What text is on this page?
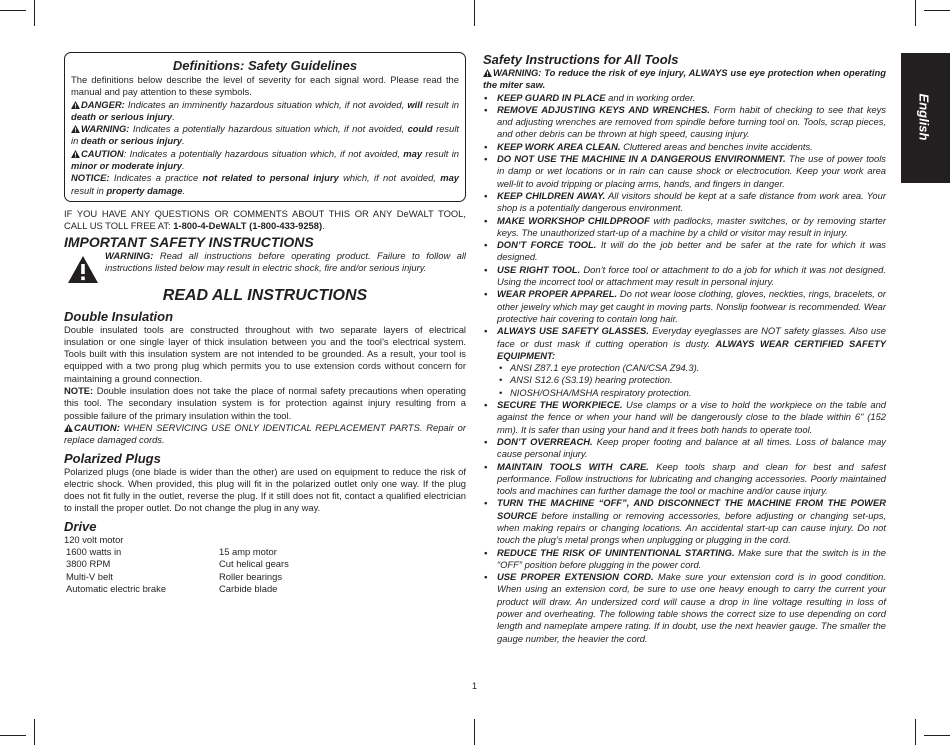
Definitions: Safety Guidelines
The definitions below describe the level of severity for each signal word. Please read the manual and pay attention to these symbols.
DANGER: Indicates an imminently hazardous situation which, if not avoided, will result in death or serious injury.
WARNING: Indicates a potentially hazardous situation which, if not avoided, could result in death or serious injury.
CAUTION: Indicates a potentially hazardous situation which, if not avoided, may result in minor or moderate injury.
NOTICE: Indicates a practice not related to personal injury which, if not avoided, may result in property damage.
IF YOU HAVE ANY QUESTIONS OR COMMENTS ABOUT THIS OR ANY DeWALT TOOL, CALL US TOLL FREE AT: 1-800-4-DeWALT (1-800-433-9258).
IMPORTANT SAFETY INSTRUCTIONS
WARNING: Read all instructions before operating product. Failure to follow all instructions listed below may result in electric shock, fire and/or serious injury.
READ ALL INSTRUCTIONS
Double Insulation
Double insulated tools are constructed throughout with two separate layers of electrical insulation or one single layer of thick insulation between you and the tool’s electrical system. Tools built with this insulation system are not intended to be grounded. As a result, your tool is equipped with a two prong plug which permits you to use extension cords without concern for maintaining a ground connection.
NOTE: Double insulation does not take the place of normal safety precautions when operating this tool. The secondary insulation system is for protection against injury resulting from a possible failure of the primary insulation within the tool.
CAUTION: WHEN SERVICING USE ONLY IDENTICAL REPLACEMENT PARTS. Repair or replace damaged cords.
Polarized Plugs
Polarized plugs (one blade is wider than the other) are used on equipment to reduce the risk of electric shock. When provided, this plug will fit in the polarized outlet only one way. If the plug does not fit fully in the outlet, reverse the plug. If it still does not fit, contact a qualified electrician to install the proper outlet. Do not change the plug in any way.
Drive
120 volt motor
1600 watts in	15 amp motor
3800 RPM	Cut helical gears
Multi-V belt	Roller bearings
Automatic electric brake	Carbide blade
Safety Instructions for All Tools
WARNING: To reduce the risk of eye injury, ALWAYS use eye protection when operating the miter saw.
• KEEP GUARD IN PLACE and in working order.
• REMOVE ADJUSTING KEYS AND WRENCHES. Form habit of checking to see that keys and adjusting wrenches are removed from spindle before turning tool on. Tools, scrap pieces, and other debris can be thrown at high speed, causing injury.
• KEEP WORK AREA CLEAN. Cluttered areas and benches invite accidents.
• DO NOT USE THE MACHINE IN A DANGEROUS ENVIRONMENT. The use of power tools in damp or wet locations or in rain can cause shock or electrocution. Keep your work area well-lit to avoid tripping or placing arms, hands, and fingers in danger.
• KEEP CHILDREN AWAY. All visitors should be kept at a safe distance from work area. Your shop is a potentially dangerous environment.
• MAKE WORKSHOP CHILDPROOF with padlocks, master switches, or by removing starter keys. The unauthorized start-up of a machine by a child or visitor may result in injury.
• DON’T FORCE TOOL. It will do the job better and be safer at the rate for which it was designed.
• USE RIGHT TOOL. Don’t force tool or attachment to do a job for which it was not designed. Using the incorrect tool or attachment may result in personal injury.
• WEAR PROPER APPAREL. Do not wear loose clothing, gloves, neckties, rings, bracelets, or other jewelry which may get caught in moving parts. Nonslip footwear is recommended. Wear protective hair covering to contain long hair.
• ALWAYS USE SAFETY GLASSES. Everyday eyeglasses are NOT safety glasses. Also use face or dust mask if cutting operation is dusty. ALWAYS WEAR CERTIFIED SAFETY EQUIPMENT:
• ANSI Z87.1 eye protection (CAN/CSA Z94.3).
• ANSI S12.6 (S3.19) hearing protection.
• NIOSH/OSHA/MSHA respiratory protection.
• SECURE THE WORKPIECE. Use clamps or a vise to hold the workpiece on the table and against the fence or when your hand will be dangerously close to the blade within 6" (152 mm). It is safer than using your hand and it frees both hands to operate tool.
• DON’T OVERREACH. Keep proper footing and balance at all times. Loss of balance may cause personal injury.
• MAINTAIN TOOLS WITH CARE. Keep tools sharp and clean for best and safest performance. Follow instructions for lubricating and changing accessories. Poorly maintained tools and machines can further damage the tool or machine and/or cause injury.
• TURN THE MACHINE “OFF”, AND DISCONNECT THE MACHINE FROM THE POWER SOURCE before installing or removing accessories, before adjusting or changing set-ups, when making repairs or changing locations. An accidental start-up can cause injury. Do not touch the plug’s metal prongs when unplugging or plugging in the cord.
• REDUCE THE RISK OF UNINTENTIONAL STARTING. Make sure that the switch is in the “OFF” position before plugging in the power cord.
• USE PROPER EXTENSION CORD. Make sure your extension cord is in good condition. When using an extension cord, be sure to use one heavy enough to carry the current your product will draw. An undersized cord will cause a drop in line voltage resulting in loss of power and overheating. The following table shows the correct size to use depending on cord length and nameplate ampere rating. If in doubt, use the next heavier gauge. The smaller the gauge number, the heavier the cord.
English
1
